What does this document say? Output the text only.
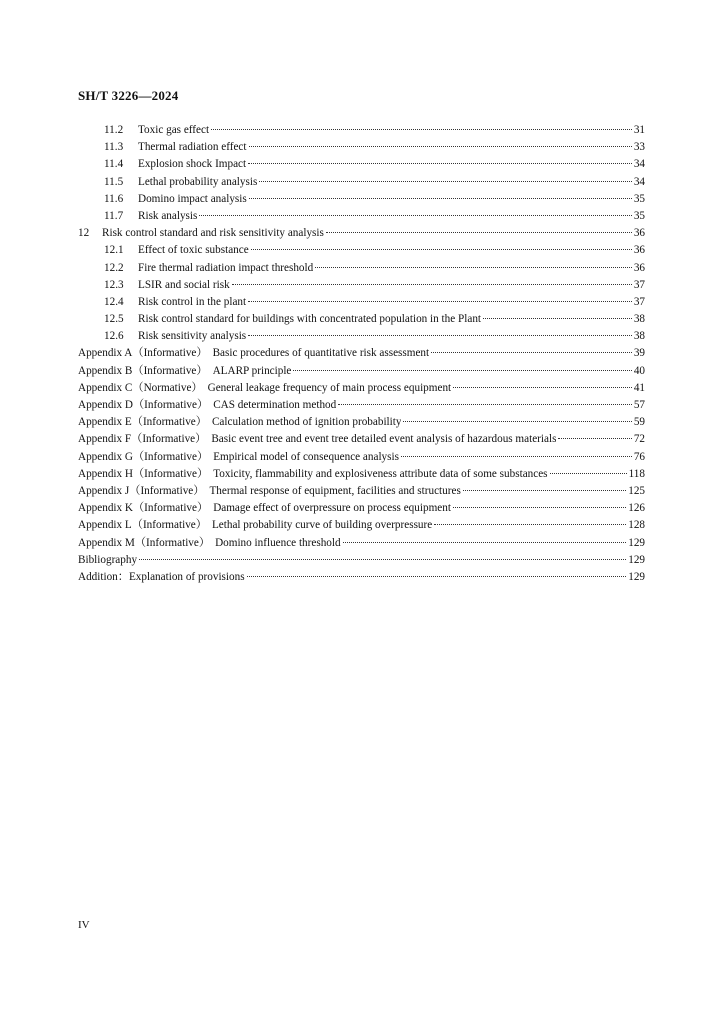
SH/T 3226—2024
11.2	Toxic gas effect	31
11.3	Thermal radiation effect	33
11.4	Explosion shock Impact	34
11.5	Lethal probability analysis	34
11.6	Domino impact analysis	35
11.7	Risk analysis	35
12	Risk control standard and risk sensitivity analysis	36
12.1	Effect of toxic substance	36
12.2	Fire thermal radiation impact threshold	36
12.3	LSIR and social risk	37
12.4	Risk control in the plant	37
12.5	Risk control standard for buildings with concentrated population in the Plant	38
12.6	Risk sensitivity analysis	38
Appendix A（Informative） Basic procedures of quantitative risk assessment	39
Appendix B（Informative） ALARP principle	40
Appendix C（Normative） General leakage frequency of main process equipment	41
Appendix D（Informative） CAS determination method	57
Appendix E（Informative） Calculation method of ignition probability	59
Appendix F（Informative） Basic event tree and event tree detailed event analysis of hazardous materials	72
Appendix G（Informative） Empirical model of consequence analysis	76
Appendix H（Informative） Toxicity, flammability and explosiveness attribute data of some substances	118
Appendix J（Informative） Thermal response of equipment, facilities and structures	125
Appendix K（Informative） Damage effect of overpressure on process equipment	126
Appendix L（Informative） Lethal probability curve of building overpressure	128
Appendix M（Informative） Domino influence threshold	129
Bibliography	129
Addition：Explanation of provisions	129
IV
